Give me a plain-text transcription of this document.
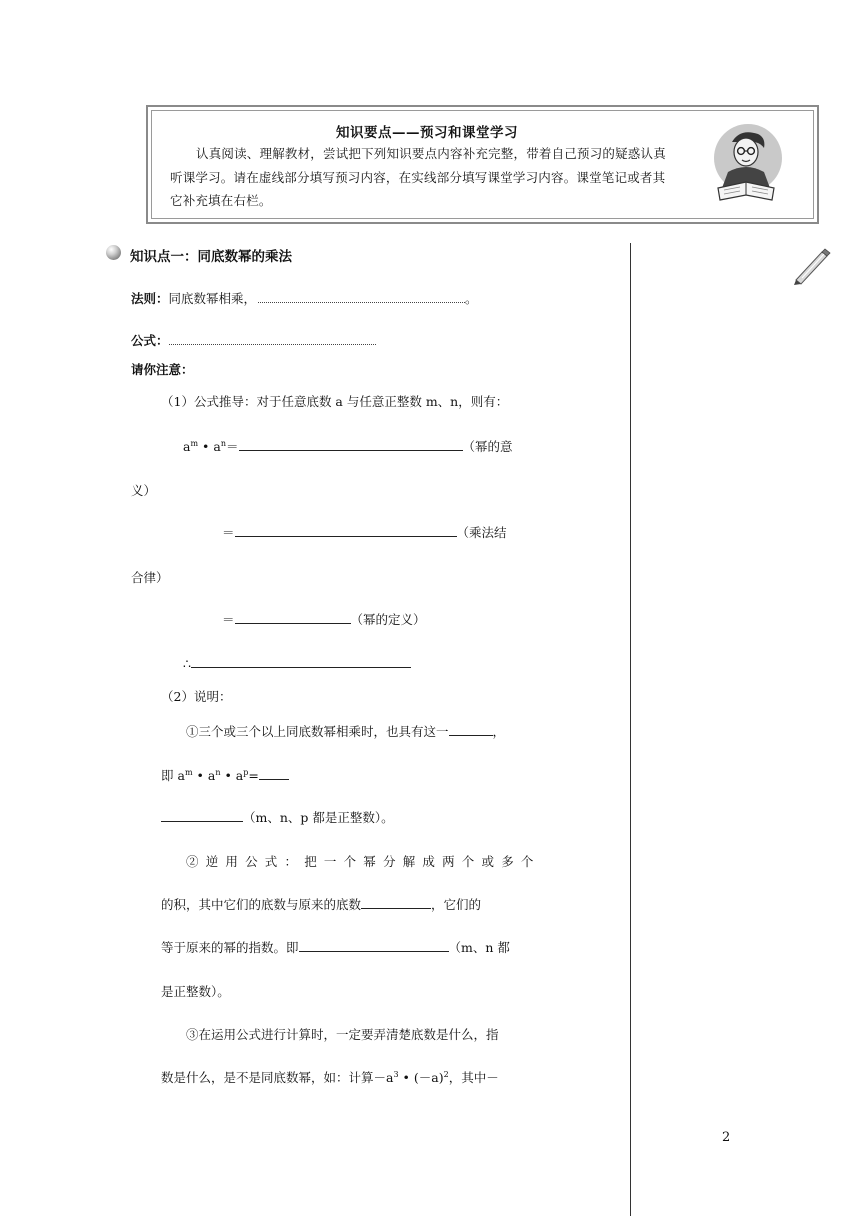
知识要点——预习和课堂学习
认真阅读、理解教材，尝试把下列知识要点内容补充完整，带着自己预习的疑惑认真
听课学习。请在虚线部分填写预习内容，在实线部分填写课堂学习内容。课堂笔记或者其
它补充填在右栏。
知识点一：同底数幂的乘法
法则：同底数幂相乘，	。
公式：
请你注意：
（1）公式推导：对于任意底数 a 与任意正整数 m、n，则有：
$a^m$ • $a^n=$	（幂的意
义）
＝	（乘法结
合律）
＝	（幂的定义）
∴
（2）说明：
①三个或三个以上同底数幂相乘时，也具有这一	，
即 $a^m$ • $a^n$ • $a^p=$
（m、n、p 都是正整数）。
②逆用公式：把一个幂分解成两个或多个
的积，其中它们的底数与原来的底数	，它们的
等于原来的幂的指数。即	（m、n 都
是正整数）。
③在运用公式进行计算时，一定要弄清楚底数是什么，指
数是什么，是不是同底数幂，如：计算$-a^3$ • $(-a)^2$，其中－
2
